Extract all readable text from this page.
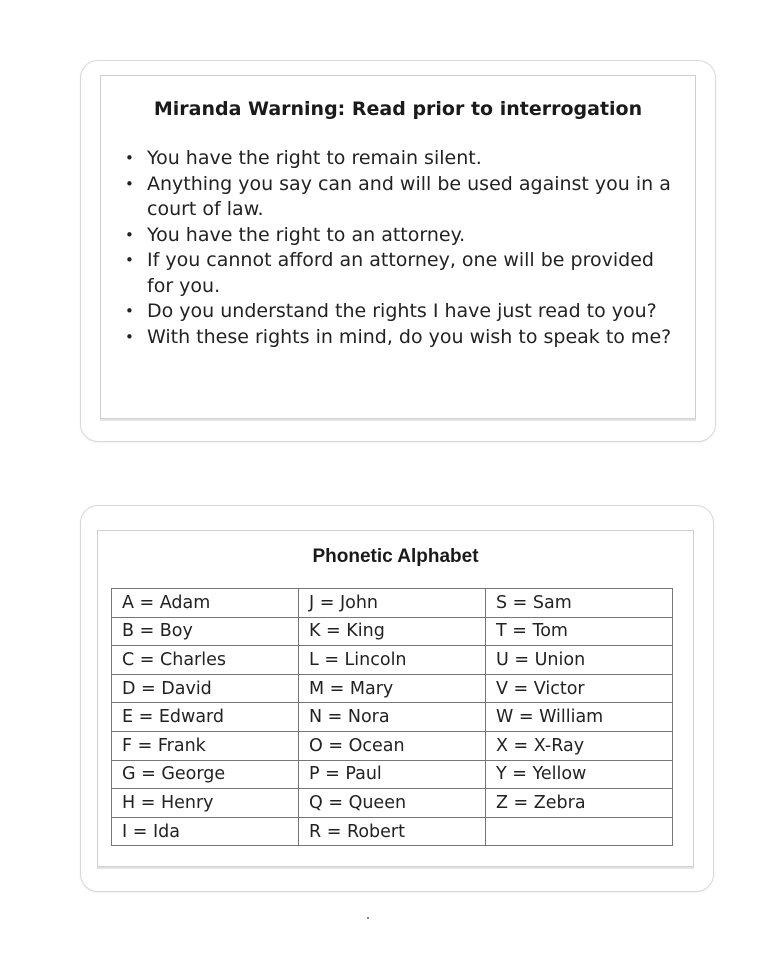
Miranda Warning: Read prior to interrogation
• You have the right to remain silent.
• Anything you say can and will be used against you in a court of law.
• You have the right to an attorney.
• If you cannot afford an attorney, one will be provided for you.
• Do you understand the rights I have just read to you?
• With these rights in mind, do you wish to speak to me?
Phonetic Alphabet
A = Adam	J = John	S = Sam
B = Boy	K = King	T = Tom
C = Charles	L = Lincoln	U = Union
D = David	M = Mary	V = Victor
E = Edward	N = Nora	W = William
F = Frank	O = Ocean	X = X-Ray
G = George	P = Paul	Y = Yellow
H = Henry	Q = Queen	Z = Zebra
I = Ida	R = Robert	
